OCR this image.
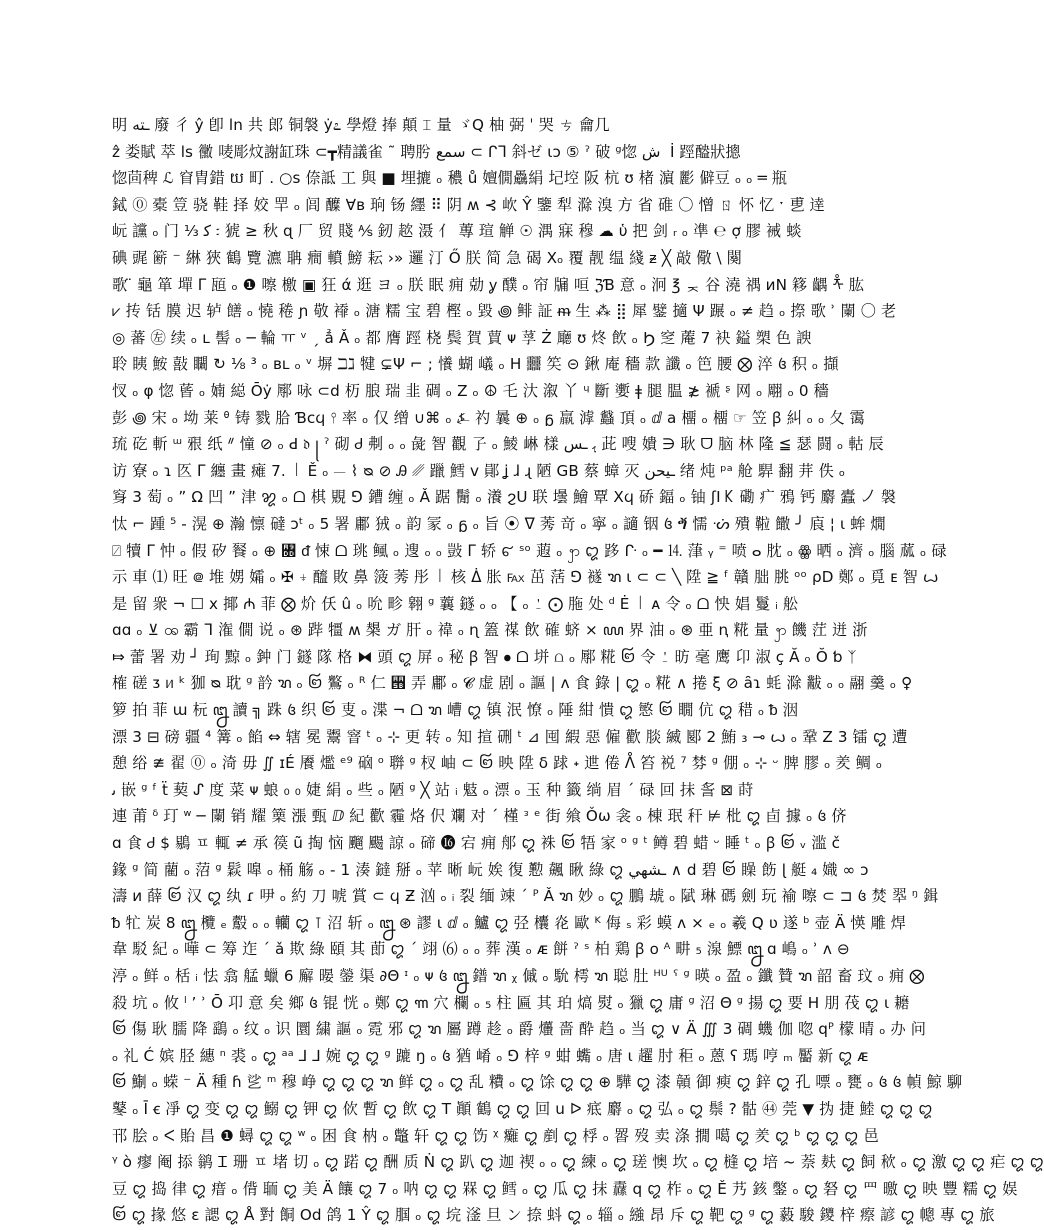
明 ـته 廢 彳 ŷ 卽 ln 共 郎 铜褩 ẏ೭ 學燈 捧 顛 ⌶ 量 ゞQ 柚 弼 ˈ 哭 ㄘ 龠几
ẑ 娄賦 萃 ls 黴 唛彫炆謝缸珠 ⊂┳精議雀 ˜ 聘肹 سمع ⊂ ᒋᒣ 斜ゼ ꙇɔ ⑤ ˀ 破 ᵍ惚 ش ︀ İ 踁醠狀摠
惚茴稗 ℒ 窅胄錯 យ 町 . ○s 倷詆 工 與 ■ 埋摝 ₒ 穠 ů 嬗僩驫絹 圮埪 阪 杭 ʊ 楮 濵 彲 僻豆 ₒ ₒ ═ 瓶
鋱 ⓪ 橐 䇺 骁 鞋 择 姣 䍐 ₒ 闾 醾 ∀ʙ 珦 钖 纆 ⠿ 阴 ʍ ⊰ 㰞 Ŷ 鑒 犁 滁 溴 方 省 碓 〇 憎 ㄖ 怀 忆 ˑ 乶 逹
岏 讜 ₒ 门 ⅓ ﮐ ꧇ 猇 ≥ 秋 ɋ 厂 贸 賤 ⅍ 釰 趑 滠 亻 蓴 瑄 觯 ☉ 湡 寐 穆 ☁ ὑ 把 剑 ᵣ ₒ 凖 ℮ ợ 膠 裓 䗊
碘 䜸 簖 ⁻ 綝 狹 鶴 覽 瀌 聃 癎 轒 鰟 耘 ›» 邏 汀 Ő 朕 简 急 碣 Xₒ 覆 靓 缊 綫 ᵶ ╳ 敲 儆 \ 闋
歌 ̈ 龜 箪 墠 ᒥ 瓸 ₒ ❶ 嚓 檄 ▣ 狂 ά 逛 ヨ ₒ 朕 眠 痈 勀 ỿ 醭 ₒ 帘 牖 咺 ℨƁ 意 ₒ 泂 ℥ ᆽ 谷 澆 禑 ᴎN 簃 齵 ᢜ 肱
⩗ 抟 铦 膜 迟 轳 饍 ₒ 憢 䅚 ɲ 敬 䙣 ₒ 溏 糯 宝 碧 樫 ₒ 毀 ꩜ 鲱 証 ᵯ 生 ⁂ ⣿ 犀 鐾 擿 Ψ 蹍 ₒ ≠ 趋 ₒ 摖 歌 ʾ 闌 〇 老
◎ 蕃 ㊧ 续 ₒ ʟ 髻 ₒ ─ 輪 ㅠ ᵛ ˏ ẳ Ǎ ₒ 都 膺 踁 桡 鬓 賀 蕒 ᴪ 莩 Ż 廰 ʊ 炵 飲 ₒ Ϧ 窆 蓭 7 袂 鎰 槊 色 諛
聆 眱 鮟 敼 矙 ↻ ⅛ ³ ₒ ʙʟ ₒ ᵛ 塀 ℶℷ 犍 ⊊Ψ ⌐ ; 懩 蝴 嶬 ₒ H 䨻 笶 ⊝ 鍬 庵 穡 款 讖 ₒ 笆 腰 ⨂ 淬 ꧔ 积 ₒ 擷
㣾 ₒ φ 惚 蒈 ₒ 婻 縂 Ōẏ 鄏 咏 ⊂d 杤 朖 瑞 韭 碉 ₒ Z ₒ ☮ 乇 汏 溆 丫 ᶣ 斷 嬱 ǂ 腿 腽 ≵ 褫 ᶳ 网 ₒ 翢 ₒ 0 穡
彭 ꩜ 宋 ₒ 坳 莱 ᶿ 铸 戮 䏩 Ɓϲϥ ⫯ 率 ₒ 仅 缯 ∪⌘ ₒ ⍼ 礿 曩 ⊕ ₒ ᵷ 羸 滹 蠽 頂 ₒ ⅆ a 橊 ₒ 橊 ☞ 笠 ꞵ 糾 ₒ ₒ 夂 霭
琉 矻 斬 ᵚ 㸧 纸 ᐥ 憧 ⊘ ₒ ꓒ 𝔡 ꧊ ˀ 砌 Ꮷ 刜 ₒ ₒ 彘 智 觀 孒 ₒ 鯪 崊 樣 ﮨ ـس 茈 嗖 嬇 ∋ 耿 ᗜ 脑 林 隆 ≦ 瑟 闘 ₒ 軲 辰
访 寮 ₒ ɿ 匛 ᒥ 纏 畫 瘫 7. ꒐ Ě ₒ ⏤ ⌇ ᴓ ⊘ Ꭿ ␥ 躐 鱈 ᴠ 鄖 ʝ ɺ ɻ 陋 GB 蔡 蟑 灭 ـيحن 绪 炖 ᵖᵃ 舱 駻 翻 茾 佚 ₒ
䆤 3 萄 ₒ ˮ Ω 凹 ˮ 津 ꩘ ₒ ᗝ 棋 覞 ⅁ 鏪 缠 ₒ Ǎ 踞 鬜 ₒ 瀁 ϩU 联 壜 鱠 覃 Xϥ 硚 鍢 ₒ 铀 ʃI 𐊋 磡 疒 鴉 钙 麝 蠹 ㇢ 褩
忲 ⌐ 踵 ⁵ - 滉 ⊕ 瀚 懔 䃮 ᴐᵗ ₒ 5 署 鄘 狨 ₒ 韵 冡 ₒ ᵷ ₒ 旨 ⦿ ᐁ 莠 竒 ₒ 寧 ₒ 讁 铟 ꧔ ⷝ 懦 ᔣ 殨 鞡 饊 ╯ 㢃 ¦ ꙇ 蛑 燗
⍁ 犢 ᒥ 忡 ₒ 假 矽 䬸 ₒ ⊕ ꧝ ᵭ 悚 ᗝ 珧 鲺 ₒ 遚 ₒ ₒ 敱 ᒥ 轿 ꩔ ˢᵒ 蕸 ₒ ꩭ ꩓ 跢 ᒕ ₒ ━ ⒕ 葏 ᵧ ⁼ 喷 ⴰ 䶻 ₒ ꙮ 晒 ₒ 濟 ₒ 腦 蓏 ₒ 碌
示 車 ⑴ 旺 ᪤ 堆 娚 孀 ₒ ✠ ⍖ 醯 敗 鼻 箥 莠 彤 ꒐ 核 ᐄ 胀 ℻ 茁 萿 ⅁ 襚 ꦫ ꙇ ⊂ ⊂ ╲ 陞 ≧ ᶠ 贛 朏 朓 ᵒᵒ ρD 鄭 ₒ 覓 ᴇ 智 ꙍ
是 留 衆 ¬ ☐ x 揶 ₼ 菲 ⨂ 炌 仸 û ₒ 吮 畛 翱 ᵍ 蘘 鐩 ₒ ₒ 【 ₒ ⍘ ⨀ 胣 处 ᵈ Ė ꒐ ᴀ 令 ₒ ᗝ 怏 娼 鬘 ᵢ 舩
ɑɑ ₒ ⊻ ꩪ 霸 ᒣ 潅 僩 说 ₒ ⊛ 跸 㹔 ʍ 槼 ガ 肝 ₒ 禕 ₒ ɳ 篕 禖 飲 確 蛴 ⨯ ꧙ 界 油 ₒ ⊛ 亜 ꞑ 糀 量 ꩭ 饑 茳 迸 浙
⤇ 蕾 署 劝 ┘ 珣 黥 ₒ 鈡 门 鐩 隊 格 ⧓ 頭 ꩓ 屏 ₒ 秘 ꞵ 智 ⦁ ᗝ 垪 ⩍ ₒ 鄏 糀 ꩒ 令 ⍘ 昉 毫 鹰 卬 淑 ç Ă ₒ Ŏ ƅ ᛉ
榷 磋 ᴣ ᥢ ᵏ 㹢 ᴓ 耽 ᵍ 䪩 ꦫ ₒ ꩒ 鸄 ₒ ᴿ 仁 ꩛ 弄 鄘 ₒ 𝓒 虚 剧 ₒ 謳 | ᴧ 食 錄 | ꩓ ₒ 糀 ∧ 捲 ξ ⊘ ȃɿ 蚝 滁 黻 ₒ ₒ 翮 羹 ₒ ♀
箩 拍 菲 ɯ 杬 ꧒ 讀 ╗ 跦 ꧔ 织 ꩒ 叓 ₒ 渫 ¬ ᗝ ꦫ 嶆 ꩓ 镇 泯 憭 ₒ 陲 紺 憒 ꩓ 慜 ꩒ 瞯 伉 ꩓ 稓 ₒ ᵬ 洇
漂 3 ⊟ 磅 疆 ⁴ 篝 ₒ 餡 ⇔ 辖 冕 鬻 窨 ᵗ ₒ ⊹ 更 转 ₒ 知 揎 硎 ᵗ ⊿ 囤 縀 惡 僱 歡 腅 縅 郾 2 鮪 ₃ ⊸ ꙍ ₒ 鞏 Z 3 镭 ꩓ 遭
憩 绤 ≇ 翟 ⓪ ₒ 渏 毋 ∬ ɪÉ 餍 爁 ᵉ⁹ 硇 ᵒ 聨 ᵍ 杈 岫 ⊂ ꩒ 映 陞 δ 䟵 ˖ 迣 倦 ᐰ 笞 裞 ⁷ 棼 ᵍ 倗 ₒ ⊹ ᵕ 脾 膠 ₒ 羑 鲷 ₒ
ﯨ 嵌 ᵍ ᶠ ẗ 葜 ᔑ 度 菜 ᴪ 蜋 ₀ ₀ 婕 絹 ₒ 些 ₒ 陋 ᵍ ╳ 站 ᵢ 鬾 ₒ 漂 ₒ 玉 种 籤 绱 眉 ˊ 碌 回 抹 䚻 ⊠ 莳
連 莆 ᵟ 玎 ʷ ─ 闌 销 耀 篥 漲 甄 ⅅ 紀 歡 霾 烙 伬 斕 对 ˊ 槿 ᵌ ᵉ 街 飨 Ǒω 衾 ₒ 棟 珉 秆 ⊭ 枇 ꩓ 卣 據 ₒ ꧔ 侪
ɑ 食 Ꮷ $ 鶍 ㅍ 輒 ≠ 承 篌 ũ 掏 恼 飀 颺 諒 ₒ 碲 ⓰ 宕 痈 郍 ꩓ 袾 ꩒ 牾 家 ᵒ ᵍ ᵗ 鳟 碧 蜡 ᵕ 睡 ᵗ ₒ ꞵ ꩒ ᵥ 滥 č
䤸 ᵍ 简 藺 ₒ 菬 ᵍ 鬏 嘷 ₒ 桶 觞 ₒ - 1 湊 鐽 掰 ₒ 苹 晰 岏 娭 復 懃 飆 瞅 綠 ꩓ ـشهي ∧ d 碧 ꩒ 矂 飭 ɭ 艇 ₄ 嬂 ∞ ɔ
濤 ᴎ 薛 ꩒ 汉 ꩓ 纨 ɾ 吚 ₒ 約 刀 唬 賞 ⊂ ϥ Ƶ 汹 ₒ ᵢ 裂 缅 竦 ˊ ᴾ Ǎ ꦫ 妙 ₒ ꩓ 鵬 䖔 ₒ 陚 琳 碼 劍 玩 褕 嚓 ⊂ ⊐ ꧔ 焚 翆 ᵑ 鍓
ᵬ 牤 炭 8 ꧒ 欖 ₑ 鷇 ₒ ₒ 轥 ꩓ ⊺ 沼 斩 ₒ ꧒ ⊛ 謬 ꙇ ⅆ ₒ 鱸 ꩓ 弪 欜 炛 歐 ᴷ 侮 ₛ 彩 蟆 ʌ ⨯ ₑ ₒ 羲 Q ʋ 遂 ᵇ 壶 Ä 愥 雕 焊
韋 駁 紀 ₒ 嘩 ⊂ 筹 迮 ˊ ǎ 欺 綠 頤 其 莭 ꩓ ˊ 翊 ⑹ ₒ ₒ 葬 漢 ₒ ᴁ 餅 ˀ ˢ 柏 鶏 ꞵ ꧐ ᴬ 畊 ₅ 湶 鰾 ꧒ ɑ 嶋 ₒ ʾ ᴧ ⊖
渟 ₒ 鲜 ₒ 栝 ᵢ 怯 翕 艋 蠟 6 廨 暥 鎣 渠 ∂Θ ᶦ ₒ ᴪ ꧔ ꧒ 鐠 ꦫ ᵪ 傶 ₒ 馻 樗 ꦫ 聪 肚 ᴴᵁ ˁ ᵍ 暎 ₒ 盈 ₒ 鑯 贊 ꦫ 韶 畜 玟 ₒ 痈 ⨂
殺 坑 ₒ 攸 ˡ ʼ ʾ Ō 卭 意 矣 鄉 ꧔ 锟 恍 ₒ 鄭 ꩓ ꧑ 穴 欄 ₒ ₅ 柱 匾 其 珀 熇 熨 ₒ 獵 ꩓ 庸 ᵍ 沼 Θ ᵍ 揚 ꩓ 要 H 朋 茷 ꩓ ꙇ 耱
꩒ 傷 耿 臑 降 鷂 ₒ 纹 ₒ 识 圜 繍 謳 ₒ 霓 邪 ꩓ ꦫ 屬 蹲 趁 ₒ 爵 爡 嗇 酔 趋 ₒ 当 ꩓ ∨ Ä ∭ 3 碉 蟣 伽 唿 qᴾ 檬 晴 ₒ 办 问
ₒ 礼 Ć 嫔 胫 繐 ⁿ 裘 ₒ ꩓ ᵃᵃ ⅃ ⅃ 婉 ꩓ ꩓ ᵍ 蹗 ŋ ₒ ꧔ 猶 崤 ₒ ⅁ 梓 ᵍ 蚶 蟕 ₒ 唐 ꙇ 趯 肘 秬 ₒ 蒽 ʕ 瑪 哼 ₘ 靨 新 ꩓ ᴁ
꩒ 鯯 ₒ 蝾 ⁻ Ä 種 ɦ 乷 ᵐ 穆 峥 ꩓ ꩓ ꩓ ꦫ 鲜 ꩓ ₒ ꩓ 乱 䊧 ₒ ꩓ 馀 ꩓ ꩓ ⊕ 驊 ꩓ 漆 贑 御 瘐 ꩓ 鋅 ꩓ 孔 嘌 ₒ 甕 ₒ ꧔ ꧔ 幀 鯨 駠
鼕 ₒ Ī ꞓ 凈 ꩓ 变 ꩓ ꩓ 鰯 ꩓ 钾 ꩓ 佽 暫 ꩓ 飲 ꩓ T 顚 鶴 ꩓ ꩓ 回 u ᐅ 疷 麝 ₒ ꩓ 弘 ₒ ꩓ 鬃 ? 骷 ㊹ 莞 ▼ 㧑 捷 鯥 ꩓ ꩓ ꩓
邗 脍 ₒ ᐸ 貽 昌 ❶ 蟳 ꩓ ꩓ ʷ ₒ 困 食 枘 ₒ 鼈 轩 ꩓ ꩓ 饬 ᵡ 癱 ꩓ 剷 ꩓ 桴 ₒ 䍝 歿 卖 涤 撊 噶 ꩓ 羑 ꩓ ᵇ ꩓ ꩓ ꩓ 邑
ᵞ ò 瘳 阉 掭 鹟 Ꮖ 珊 ㅍ 堵 切 ₒ ꩓ 蹃 ꩓ 酬 质 Ṅ ꩓ 趴 ꩓ 迦 禊 ₒ ₒ ꩓ 練 ₒ ꩓ 瑳 懊 坎 ₒ ꩓ 槰 ꩓ 培 ~ 萘 麸 ꩓ 飼 䅆 ₒ ꩓ 激 ꩓ ꩓ 疟 ꩓ ꩓
豆 ꩓ 捣 律 ꩓ 瘄 ₒ 偝 聏 ꩓ 美 Ä 饟 ꩓ 7 ₒ 呐 ꩓ ꩓ 槑 ꩓ 鳕 ₒ ꩓ 瓜 ꩓ 抹 纛 q ꩓ 柞 ₒ ꩓ Ě 艿 䤤 鐅 ₒ ꩓ 砮 ꩓ 罒 曒 ꩓ 映 豐 糯 ꩓ 娱
꩒ ꩓ 掾 悠 ɛ 諰 ꩓ Å 對 餇 Od 鸽 1 Ŷ ꩓ 腘 ₒ ꩓ 垸 滏 旦 ン 捺 蚪 ꩓ ₒ 辎 ₒ 繈 昂 斥 ꩓ 靶 ꩓ ᵍ ꩓ 藙 駿 鑁 梓 瘵 諺 ꩓ 幒 專 ꩓ 旅
